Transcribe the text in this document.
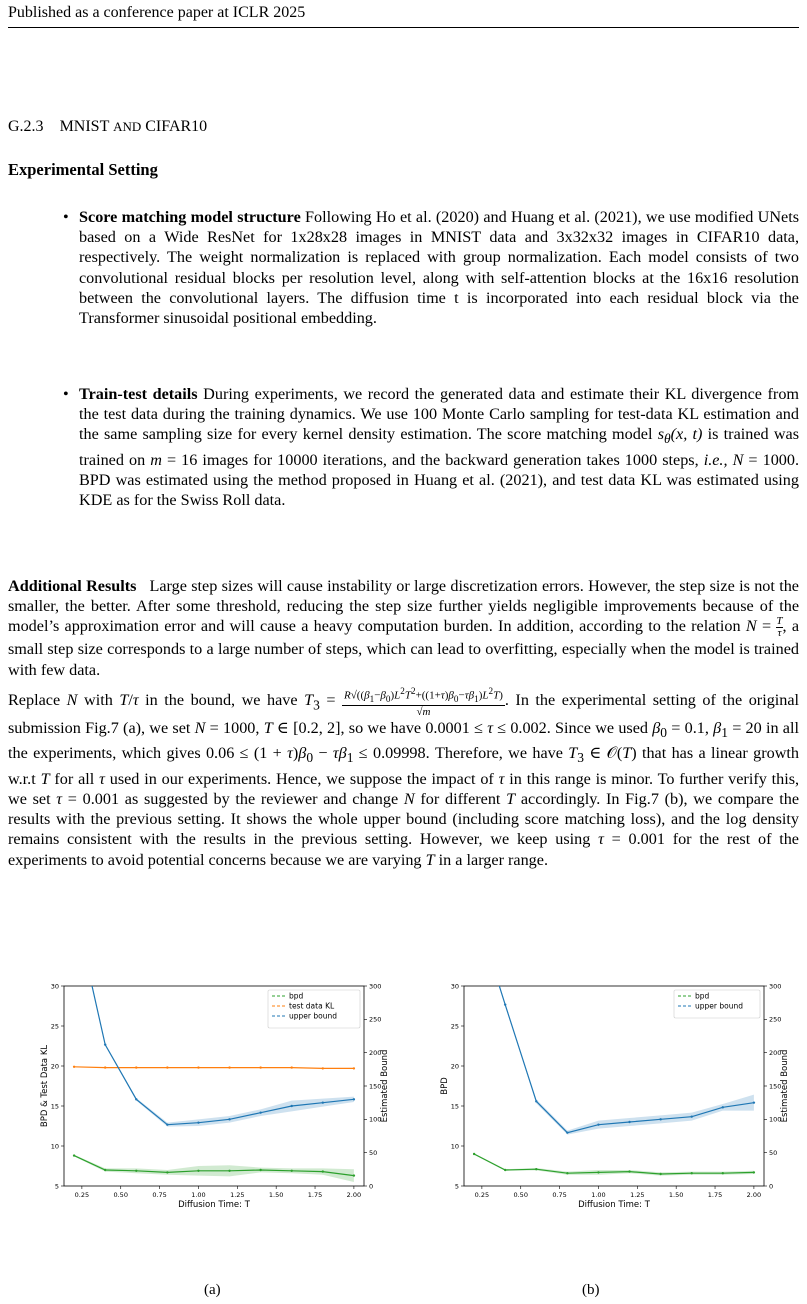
Published as a conference paper at ICLR 2025
G.2.3 MNIST AND CIFAR10
Experimental Setting
• Score matching model structure Following Ho et al. (2020) and Huang et al. (2021), we use modified UNets based on a Wide ResNet for 1x28x28 images in MNIST data and 3x32x32 images in CIFAR10 data, respectively. The weight normalization is replaced with group normalization. Each model consists of two convolutional residual blocks per resolution level, along with self-attention blocks at the 16x16 resolution between the convolutional layers. The diffusion time t is incorporated into each residual block via the Transformer sinusoidal positional embedding.
• Train-test details During experiments, we record the generated data and estimate their KL divergence from the test data during the training dynamics. We use 100 Monte Carlo sampling for test-data KL estimation and the same sampling size for every kernel density estimation. The score matching model $s_\theta(x$, t) is trained was trained on m = 16 images for 10000 iterations, and the backward generation takes 1000 steps, i.e., N = 1000. BPD was estimated using the method proposed in Huang et al. (2021), and test data KL was estimated using KDE as for the Swiss Roll data.
Additional Results Large step sizes will cause instability or large discretization errors. However, the step size is not the smaller, the better. After some threshold, reducing the step size further yields negligible improvements because of the model’s approximation error and will cause a heavy computation burden. In addition, according to the relation $N = \frac{T}{\tau}$ , a small step size corresponds to a large number of steps, which can lead to overfitting, especially when the model is trained with few data.
Replace N with T/τ in the bound, we have $T_3 = \frac{R√((\beta_1-\beta_0)L^2T^2+((1+\tau)\beta_0-\tau\beta_1)L^2T)}{√m}$ . In the experimental setting of the original submission Fig.7 (a), we set N = 1000, T ∈ [0.2, 2], so we have 0.0001 ≤ τ ≤ 0.002. Since we used $\beta_0 = 0.1$, $\beta_1 = 20$ in all the experiments, which gives $0.06 \le (1 + \tau)\beta_0 - \tau\beta_1 \le 0.09998$. Therefore, we have $T_3$ ∈ 𝒪(T) that has a linear growth w.r.t T for all τ used in our experiments. Hence, we suppose the impact of τ in this range is minor. To further verify this, we set τ = 0.001 as suggested by the reviewer and change N for different T accordingly. In Fig.7 (b), we compare the results with the previous setting. It shows the whole upper bound (including score matching loss), and the log density remains consistent with the results in the previous setting. However, we keep using τ = 0.001 for the rest of the experiments to avoid potential concerns because we are varying T in a larger range.
0.25	0.50	0.75	1.00	1.25	1.50	1.75	2.00
5
10
15
20
25
30
0
50
100
150
200
250
300
Diffusion Time: T
BPD & Test Data KL	Estimated Bound
bpd
test data KL
upper bound
0.25	0.50	0.75	1.00	1.25	1.50	1.75	2.00
5
10
15
20
25
30
0
50
100
150
200
250
300
Diffusion Time: T
BPD	Estimated Bound
bpd
upper bound
(a)	(b)
